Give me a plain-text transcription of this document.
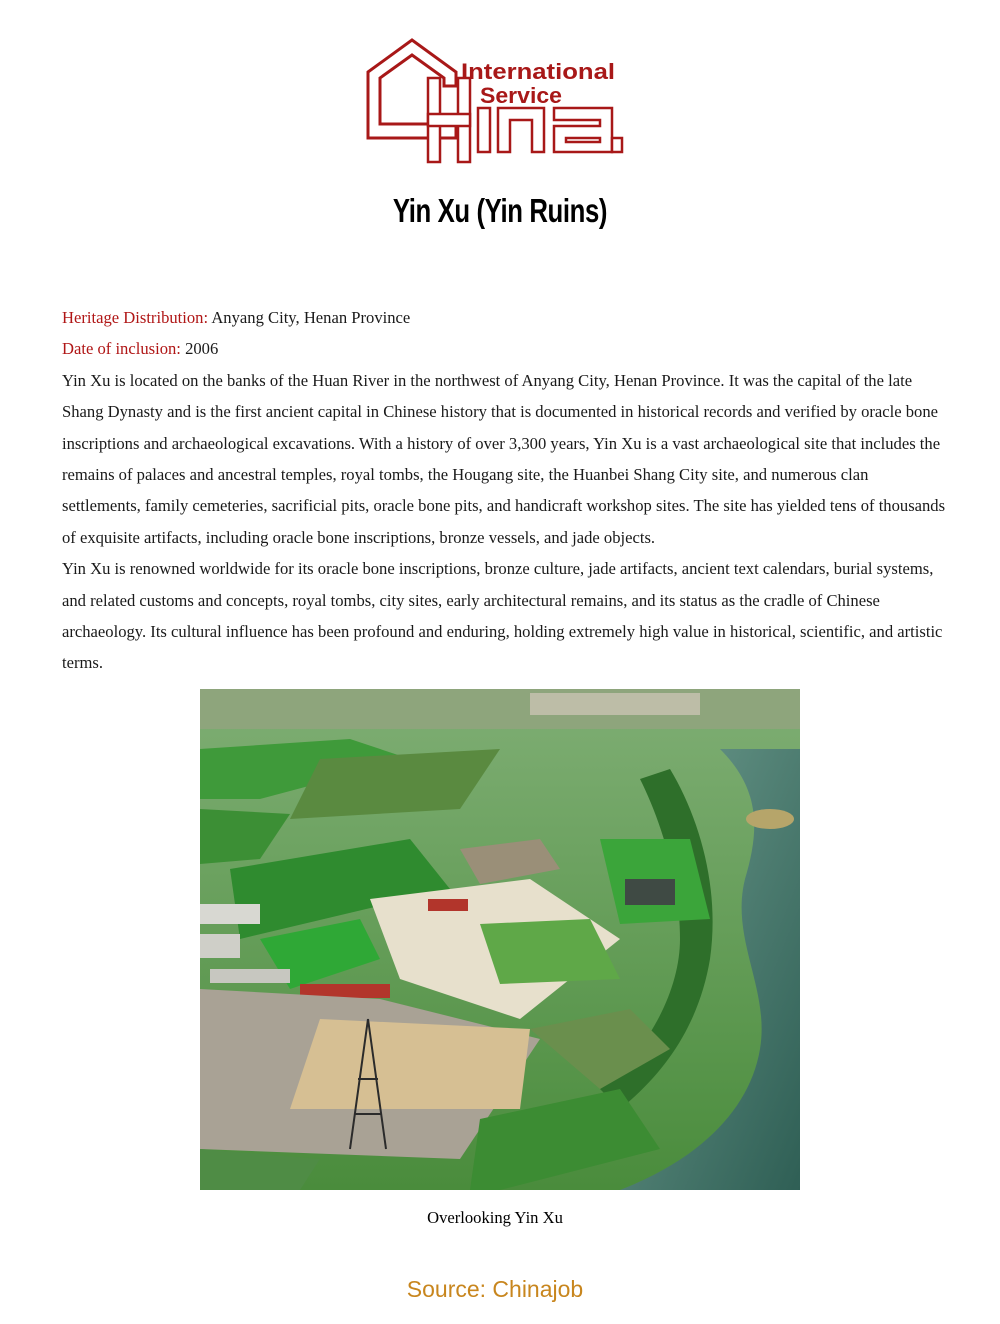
International
Service
Yin Xu (Yin Ruins)

Heritage Distribution: Anyang City, Henan Province

Date of inclusion: 2006

Yin Xu is located on the banks of the Huan River in the northwest of Anyang City, Henan Province. It was the capital of the late Shang Dynasty and is the first ancient capital in Chinese history that is documented in historical records and verified by oracle bone inscriptions and archaeological excavations. With a history of over 3,300 years, Yin Xu is a vast archaeological site that includes the remains of palaces and ancestral temples, royal tombs, the Hougang site, the Huanbei Shang City site, and numerous clan settlements, family cemeteries, sacrificial pits, oracle bone pits, and handicraft workshop sites. The site has yielded tens of thousands of exquisite artifacts, including oracle bone inscriptions, bronze vessels, and jade objects.

Yin Xu is renowned worldwide for its oracle bone inscriptions, bronze culture, jade artifacts, ancient text calendars, burial systems, and related customs and concepts, royal tombs, city sites, early architectural remains, and its status as the cradle of Chinese archaeology. Its cultural influence has been profound and enduring, holding extremely high value in historical, scientific, and artistic terms.

Overlooking Yin Xu
Source: Chinajob
